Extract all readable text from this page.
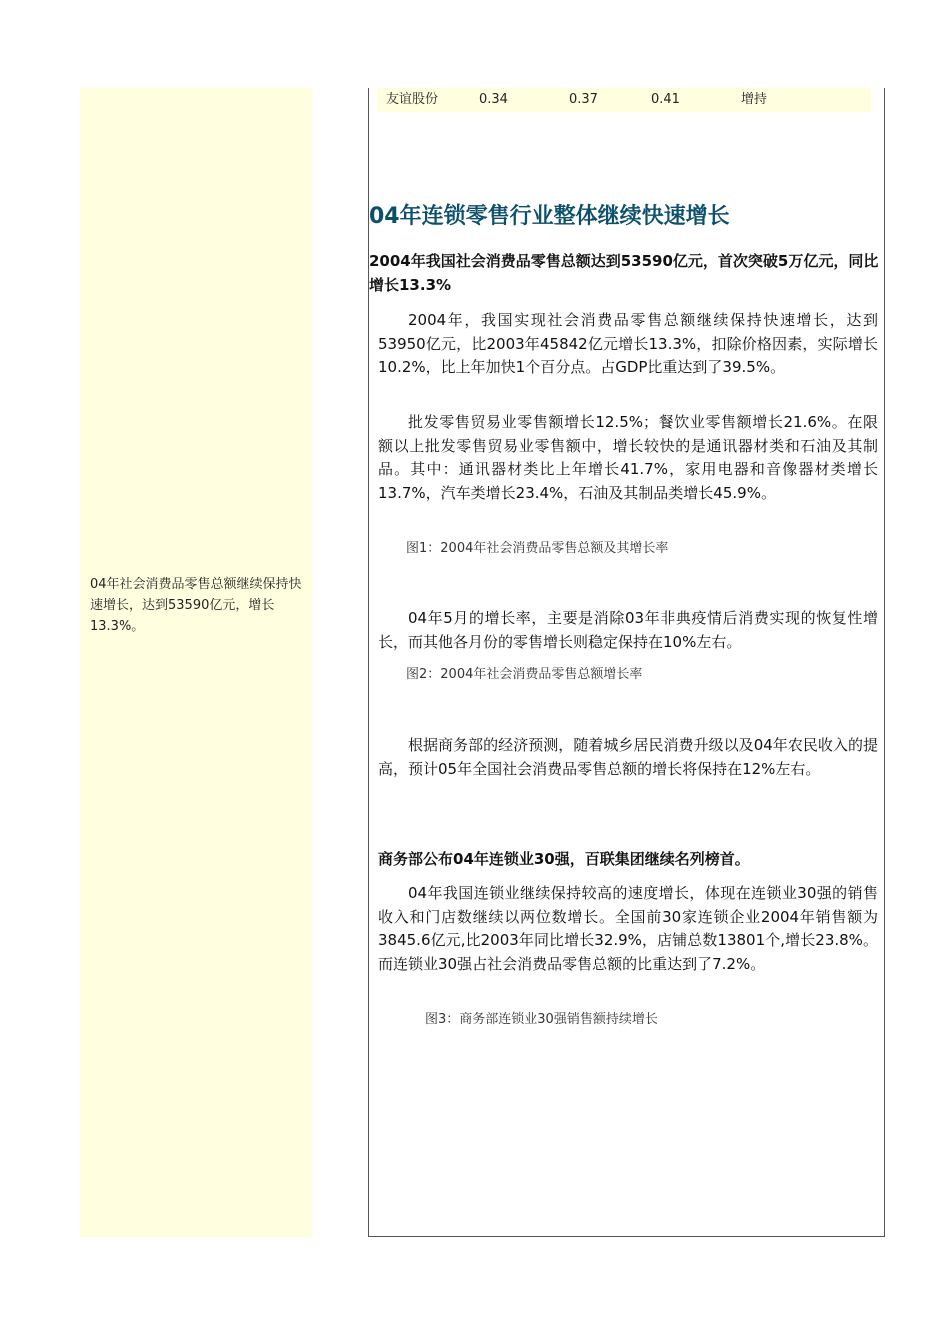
04年社会消费品零售总额继续保持快速增长，达到53590亿元，增长13.3%。
友谊股份	0.34	0.37	0.41	增持
04年连锁零售行业整体继续快速增长
2004年我国社会消费品零售总额达到53590亿元，首次突破5万亿元，同比增长13.3%
2004年，我国实现社会消费品零售总额继续保持快速增长，达到53950亿元，比2003年45842亿元增长13.3%，扣除价格因素，实际增长10.2%，比上年加快1个百分点。占GDP比重达到了39.5%。
批发零售贸易业零售额增长12.5%；餐饮业零售额增长21.6%。在限额以上批发零售贸易业零售额中，增长较快的是通讯器材类和石油及其制品。其中：通讯器材类比上年增长41.7%，家用电器和音像器材类增长13.7%，汽车类增长23.4%，石油及其制品类增长45.9%。
图1：2004年社会消费品零售总额及其增长率
04年5月的增长率，主要是消除03年非典疫情后消费实现的恢复性增长，而其他各月份的零售增长则稳定保持在10%左右。
图2：2004年社会消费品零售总额增长率
根据商务部的经济预测，随着城乡居民消费升级以及04年农民收入的提高，预计05年全国社会消费品零售总额的增长将保持在12%左右。
商务部公布04年连锁业30强，百联集团继续名列榜首。
04年我国连锁业继续保持较高的速度增长，体现在连锁业30强的销售收入和门店数继续以两位数增长。全国前30家连锁企业2004年销售额为3845.6亿元,比2003年同比增长32.9%，店铺总数13801个,增长23.8%。而连锁业30强占社会消费品零售总额的比重达到了7.2%。
图3：商务部连锁业30强销售额持续增长
